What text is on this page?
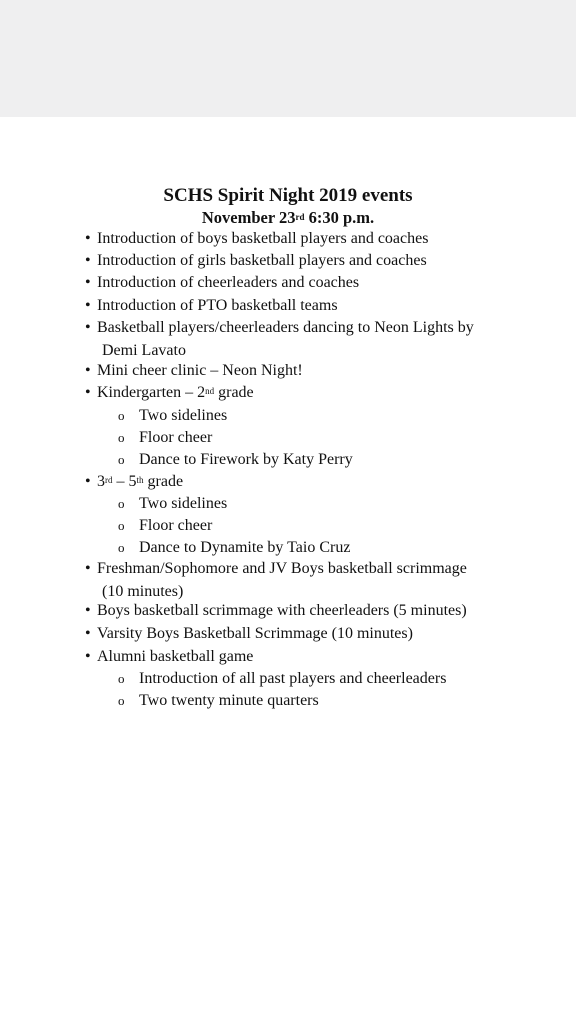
SCHS Spirit Night 2019 events
November 23rd 6:30 p.m.
• Introduction of boys basketball players and coaches
• Introduction of girls basketball players and coaches
• Introduction of cheerleaders and coaches
• Introduction of PTO basketball teams
• Basketball players/cheerleaders dancing to Neon Lights by
Demi Lavato
• Mini cheer clinic – Neon Night!
• Kindergarten – 2nd grade
o Two sidelines
o Floor cheer
o Dance to Firework by Katy Perry
• 3rd – 5th grade
o Two sidelines
o Floor cheer
o Dance to Dynamite by Taio Cruz
• Freshman/Sophomore and JV Boys basketball scrimmage
(10 minutes)
• Boys basketball scrimmage with cheerleaders (5 minutes)
• Varsity Boys Basketball Scrimmage (10 minutes)
• Alumni basketball game
o Introduction of all past players and cheerleaders
o Two twenty minute quarters
